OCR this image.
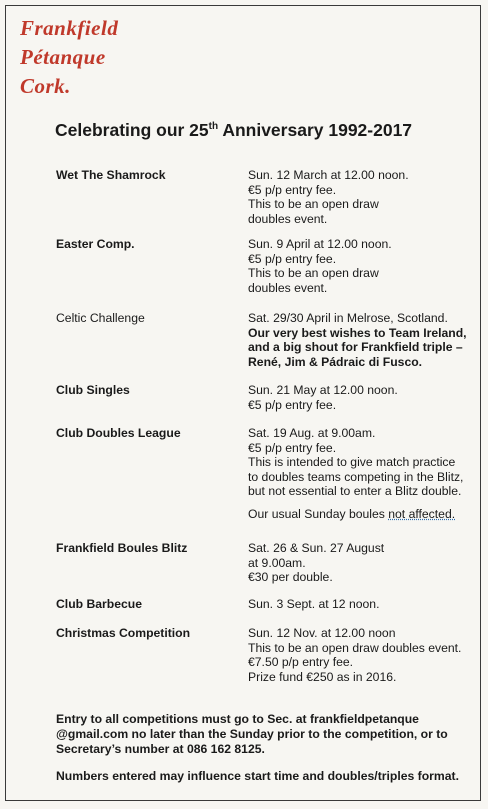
Frankfield
Pétanque
Cork.
Celebrating our 25th Anniversary 1992-2017
Wet The Shamrock	Sun. 12 March at 12.00 noon.
€5 p/p entry fee.
This to be an open draw
doubles event.
Easter Comp.	Sun. 9 April at 12.00 noon.
€5 p/p entry fee.
This to be an open draw
doubles event.
Celtic Challenge	Sat. 29/30 April in Melrose, Scotland.
Our very best wishes to Team Ireland,
and a big shout for Frankfield triple –
René, Jim & Pádraic di Fusco.
Club Singles	Sun. 21 May at 12.00 noon.
€5 p/p entry fee.
Club Doubles League	Sat. 19 Aug. at 9.00am.
€5 p/p entry fee.
This is intended to give match practice
to doubles teams competing in the Blitz,
but not essential to enter a Blitz double.
Our usual Sunday boules not affected.
Frankfield Boules Blitz	Sat. 26 & Sun. 27 August
at 9.00am.
€30 per double.
Club Barbecue	Sun. 3 Sept. at 12 noon.
Christmas Competition	Sun. 12 Nov. at 12.00 noon
This to be an open draw doubles event.
€7.50 p/p entry fee.
Prize fund €250 as in 2016.
Entry to all competitions must go to Sec. at frankfieldpetanque
@gmail.com no later than the Sunday prior to the competition, or to
Secretary’s number at 086 162 8125.
Numbers entered may influence start time and doubles/triples format.
